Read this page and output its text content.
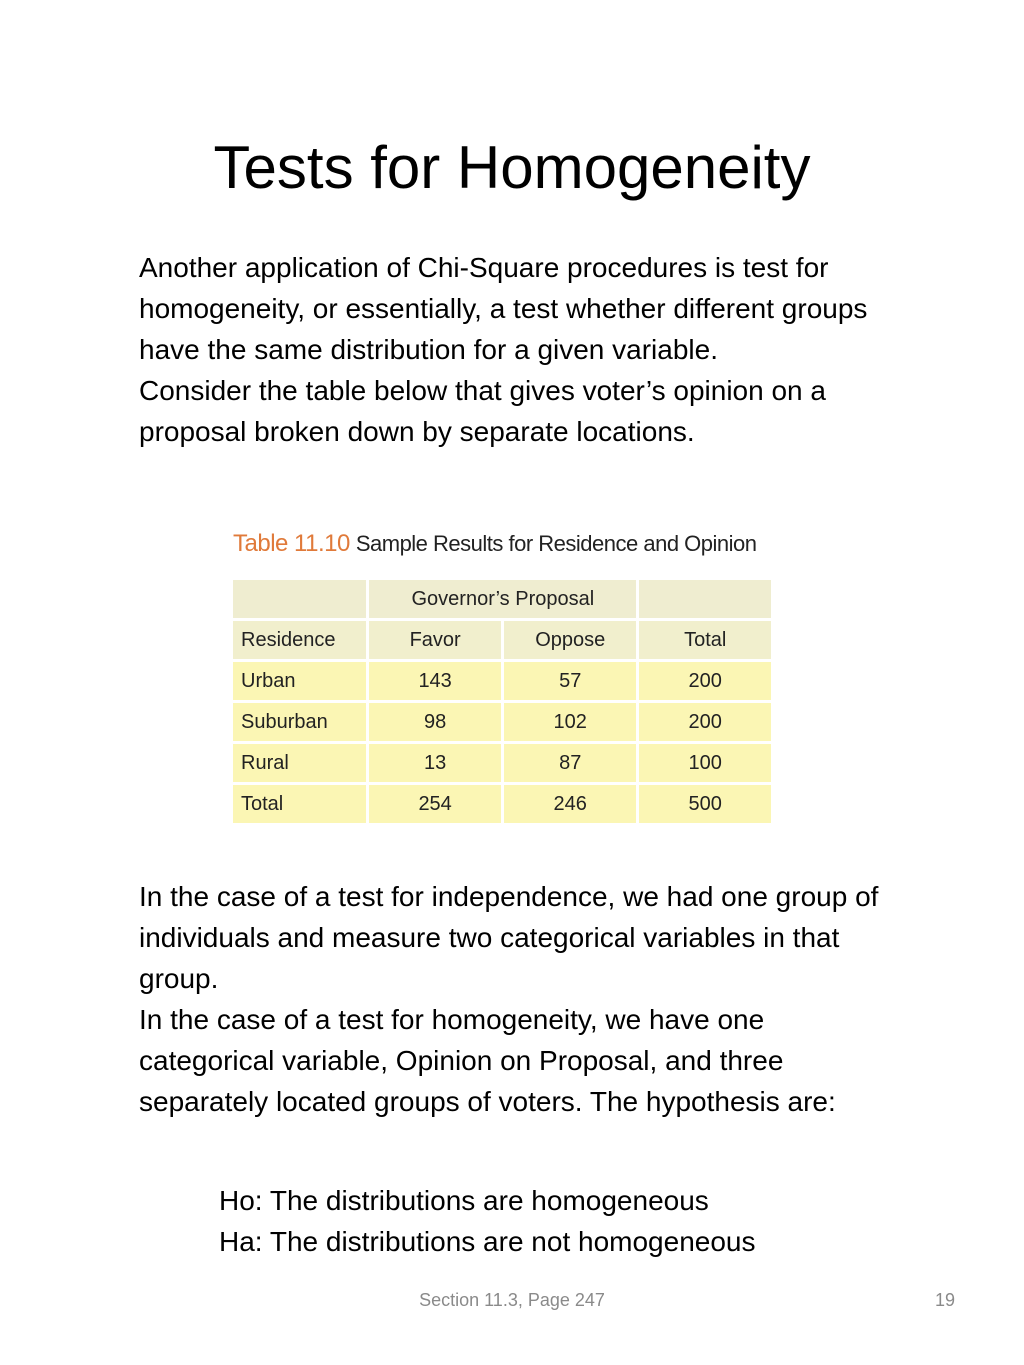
Tests for Homogeneity

Another application of Chi-Square procedures is test for homogeneity, or essentially, a test whether different groups have the same distribution for a given variable.

Consider the table below that gives voter’s opinion on a proposal broken down by separate locations.

Table 11.10 Sample Results for Residence and Opinion
	Governor’s Proposal		
Residence	Favor	Oppose	Total
Urban	143	57	200
Suburban	98	102	200
Rural	13	87	100
Total	254	246	500

In the case of a test for independence, we had one group of individuals and measure two categorical variables in that group.

In the case of a test for homogeneity, we have one categorical variable, Opinion on Proposal, and three separately located groups of voters. The hypothesis are:

Ho: The distributions are homogeneous

Ha: The distributions are not homogeneous

Section 11.3, Page 247	19
